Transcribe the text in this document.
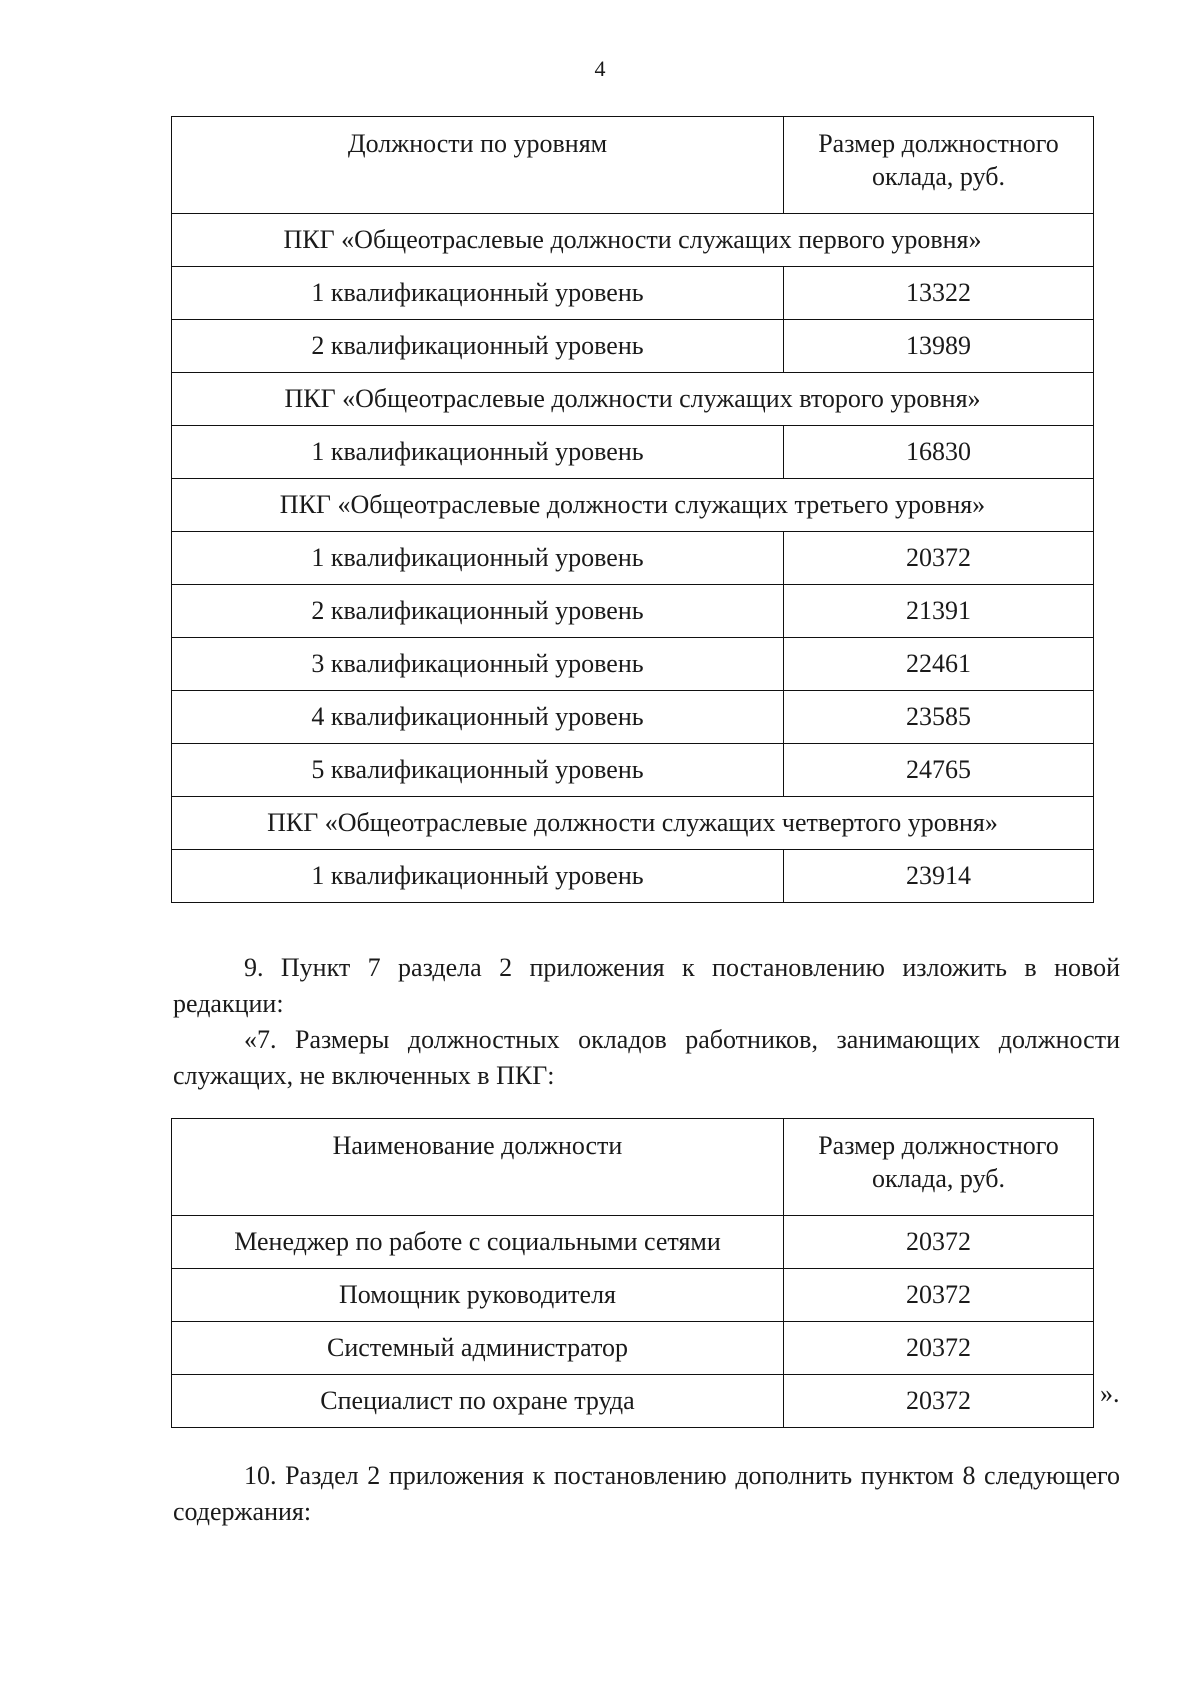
4
Должности по уровням	Размер должностного оклада, руб.
ПКГ «Общеотраслевые должности служащих первого уровня»	
1 квалификационный уровень	13322
2 квалификационный уровень	13989
ПКГ «Общеотраслевые должности служащих второго уровня»	
1 квалификационный уровень	16830
ПКГ «Общеотраслевые должности служащих третьего уровня»	
1 квалификационный уровень	20372
2 квалификационный уровень	21391
3 квалификационный уровень	22461
4 квалификационный уровень	23585
5 квалификационный уровень	24765
ПКГ «Общеотраслевые должности служащих четвертого уровня»	
1 квалификационный уровень	23914

9. Пункт 7 раздела 2 приложения к постановлению изложить в новой редакции:

«7. Размеры должностных окладов работников, занимающих должности служащих, не включенных в ПКГ:

Наименование должности	Размер должностного оклада, руб.
Менеджер по работе с социальными сетями	20372
Помощник руководителя	20372
Системный администратор	20372
Специалист по охране труда	20372	».

10. Раздел 2 приложения к постановлению дополнить пунктом 8 следующего содержания:
